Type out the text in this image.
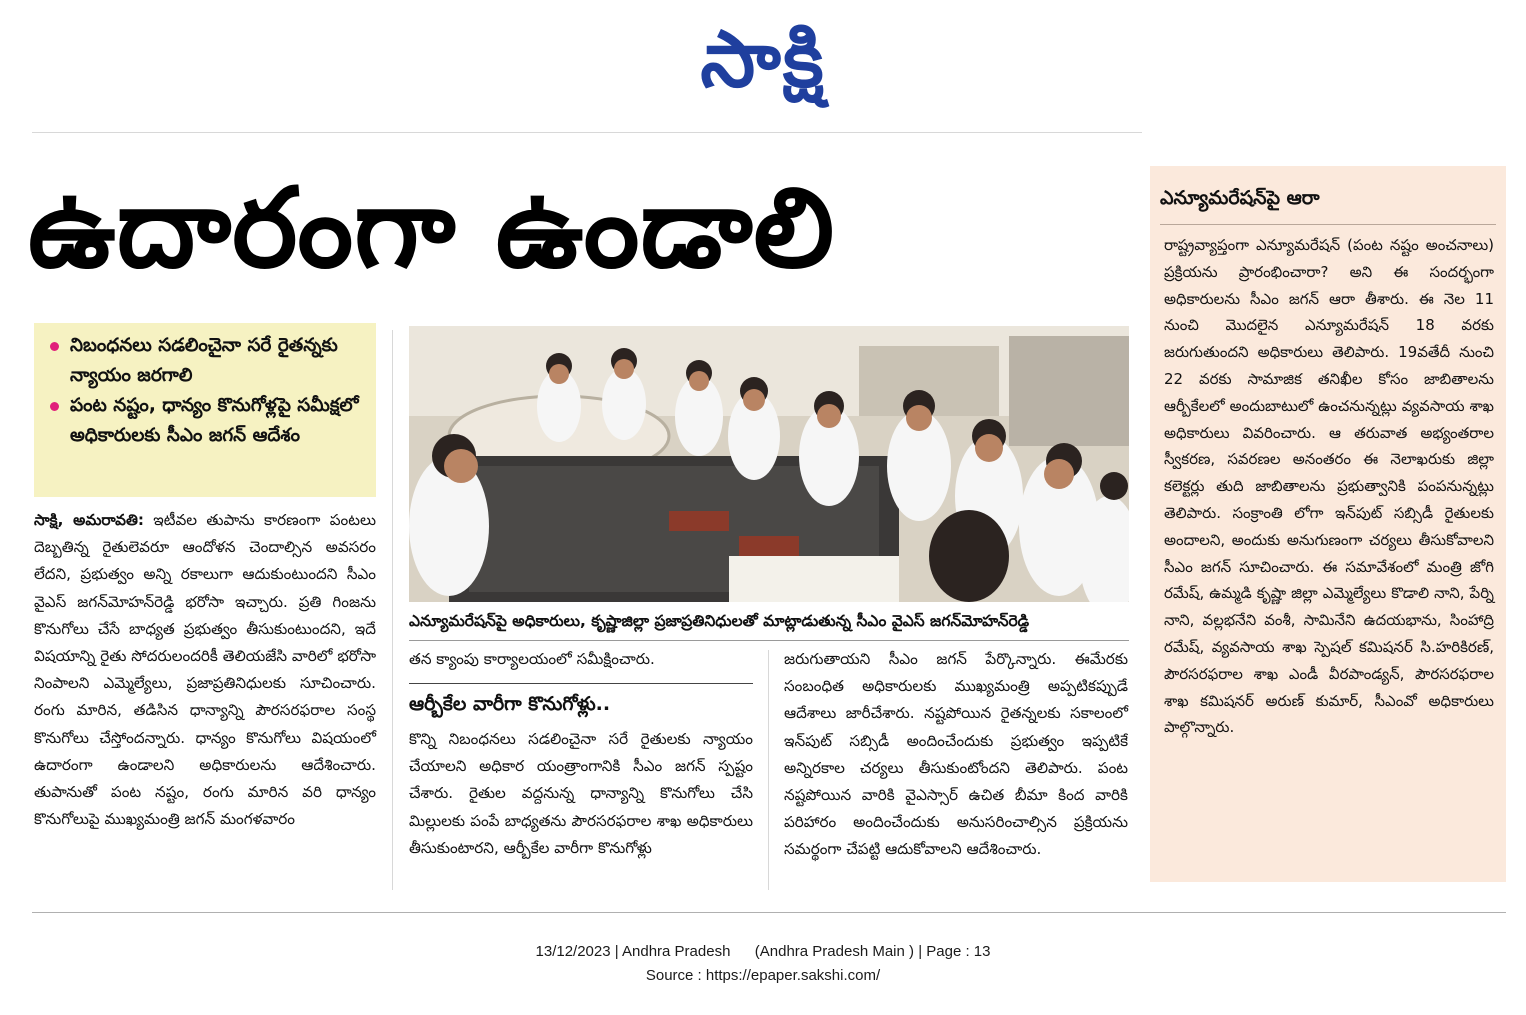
సాక్షి
ఉదారంగా ఉండాలి
నిబంధనలు సడలించైనా సరే రైతన్నకు న్యాయం జరగాలి
పంట నష్టం, ధాన్యం కొనుగోళ్లపై సమీక్షలో అధికారులకు సీఎం జగన్‌ ఆదేశం
ఎన్యూమరేషన్‌పై అధికారులు, కృష్ణాజిల్లా ప్రజాప్రతినిధులతో మాట్లాడుతున్న సీఎం వైఎస్‌ జగన్‌మోహన్‌రెడ్డి
సాక్షి, అమరావతి: ఇటీవల తుపాను కారణంగా పంటలు దెబ్బతిన్న రైతులెవరూ ఆందోళన చెందాల్సిన అవసరం లేదని, ప్రభుత్వం అన్ని రకాలుగా ఆదుకుంటుందని సీఎం వైఎస్‌ జగన్‌మోహన్‌రెడ్డి భరోసా ఇచ్చారు. ప్రతి గింజను కొనుగోలు చేసే బాధ్యత ప్రభుత్వం తీసుకుంటుందని, ఇదే విషయాన్ని రైతు సోదరులందరికీ తెలియజేసి వారిలో భరోసా నింపాలని ఎమ్మెల్యేలు, ప్రజాప్రతినిధులకు సూచించారు. రంగు మారిన, తడిసిన ధాన్యాన్ని పౌరసరఫరాల సంస్థ కొనుగోలు చేస్తోందన్నారు. ధాన్యం కొనుగోలు విషయంలో ఉదారంగా ఉండాలని అధికారులను ఆదేశించారు. తుపానుతో పంట నష్టం, రంగు మారిన వరి ధాన్యం కొనుగోలుపై ముఖ్యమంత్రి జగన్‌ మంగళవారం
తన క్యాంపు కార్యాలయంలో సమీక్షించారు.
ఆర్బీకేల వారీగా కొనుగోళ్లు..
కొన్ని నిబంధనలు సడలించైనా సరే రైతులకు న్యాయం చేయాలని అధికార యంత్రాంగానికి సీఎం జగన్‌ స్పష్టం చేశారు. రైతుల వద్దనున్న ధాన్యాన్ని కొనుగోలు చేసి మిల్లులకు పంపే బాధ్యతను పౌరసరఫరాల శాఖ అధికారులు తీసుకుంటారని, ఆర్బీకేల వారీగా కొనుగోళ్లు
జరుగుతాయని సీఎం జగన్‌ పేర్కొన్నారు. ఈమేరకు సంబంధిత అధికారులకు ముఖ్యమంత్రి అప్పటికప్పుడే ఆదేశాలు జారీచేశారు. నష్టపోయిన రైతన్నలకు సకాలంలో ఇన్‌పుట్‌ సబ్సిడీ అందించేందుకు ప్రభుత్వం ఇప్పటికే అన్నిరకాల చర్యలు తీసుకుంటోందని తెలిపారు. పంట నష్టపోయిన వారికి వైఎస్సార్‌ ఉచిత బీమా కింద వారికి పరిహారం అందించేందుకు అనుసరించాల్సిన ప్రక్రియను సమర్థంగా చేపట్టి ఆదుకోవాలని ఆదేశించారు.
ఎన్యూమరేషన్‌పై ఆరా
రాష్ట్రవ్యాప్తంగా ఎన్యూమరేషన్‌ (పంట నష్టం అంచనాలు) ప్రక్రియను ప్రారంభించారా? అని ఈ సందర్భంగా అధికారులను సీఎం జగన్‌ ఆరా తీశారు. ఈ నెల 11 నుంచి మొదలైన ఎన్యూమరేషన్‌ 18 వరకు జరుగుతుందని అధికారులు తెలిపారు. 19వతేదీ నుంచి 22 వరకు సామాజిక తనిఖీల కోసం జాబితాలను ఆర్బీకేలలో అందుబాటులో ఉంచనున్నట్లు వ్యవసాయ శాఖ అధికారులు వివరించారు. ఆ తరువాత అభ్యంతరాల స్వీకరణ, సవరణల అనంతరం ఈ నెలాఖరుకు జిల్లా కలెక్టర్లు తుది జాబితాలను ప్రభుత్వానికి పంపనున్నట్లు తెలిపారు. సంక్రాంతి లోగా ఇన్‌పుట్‌ సబ్సిడీ రైతులకు అందాలని, అందుకు అనుగుణంగా చర్యలు తీసుకోవాలని సీఎం జగన్‌ సూచించారు. ఈ సమావేశంలో మంత్రి జోగి రమేష్‌, ఉమ్మడి కృష్ణా జిల్లా ఎమ్మెల్యేలు కొడాలి నాని, పేర్ని నాని, వల్లభనేని వంశీ, సామినేని ఉదయభాను, సింహాద్రి రమేష్‌, వ్యవసాయ శాఖ స్పెషల్‌ కమిషనర్‌ సి.హరికిరణ్‌, పౌరసరఫరాల శాఖ ఎండీ వీరపాండ్యన్‌, పౌరసరఫరాల శాఖ కమిషనర్‌ అరుణ్‌ కుమార్‌, సీఎంవో అధికారులు పాల్గొన్నారు.
13/12/2023 | Andhra Pradesh (Andhra Pradesh Main ) | Page : 13
Source : https://epaper.sakshi.com/
